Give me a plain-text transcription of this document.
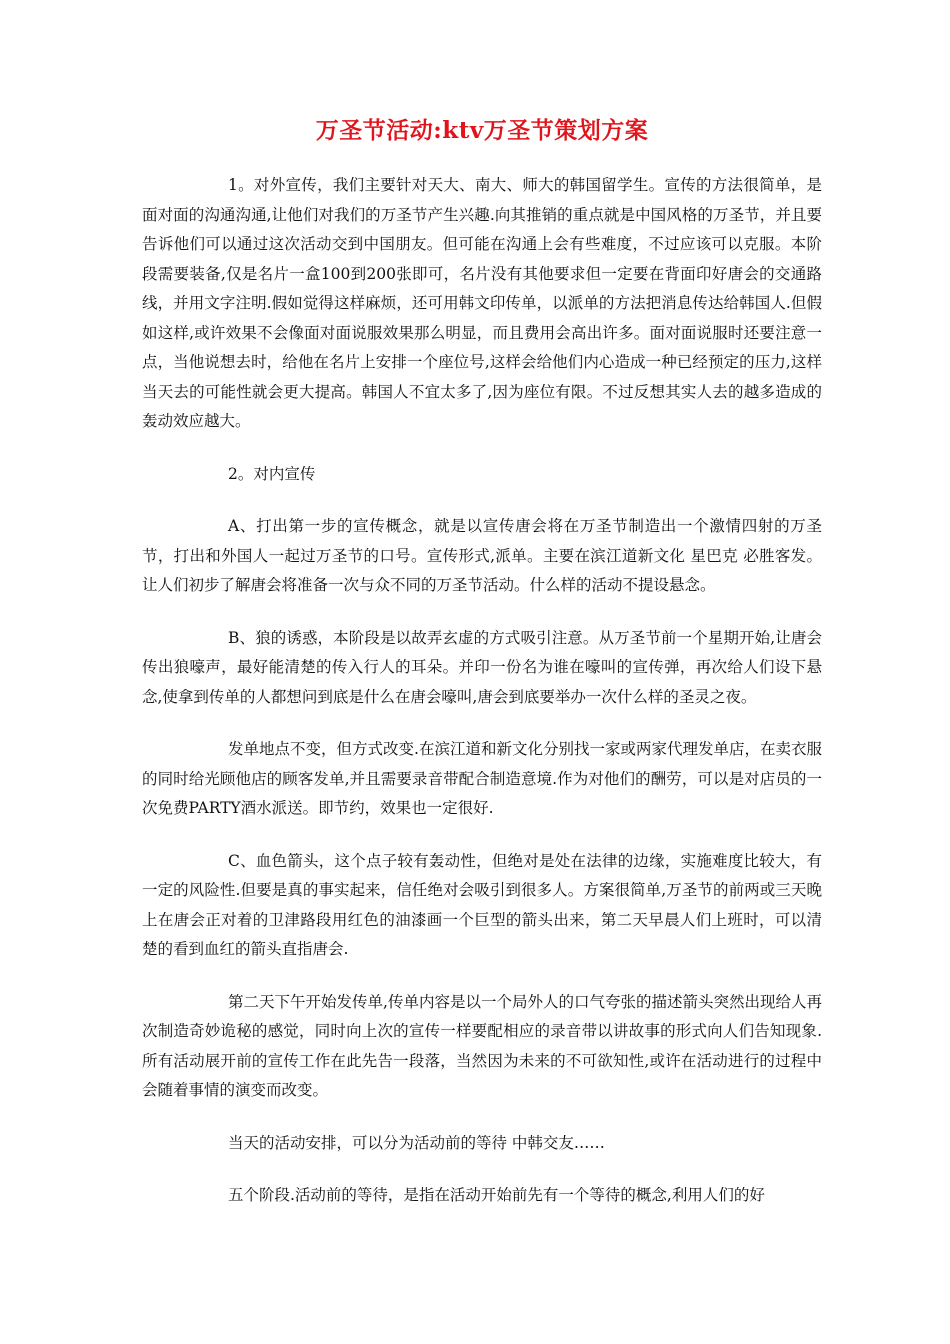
万圣节活动:ktv万圣节策划方案

1。对外宣传，我们主要针对天大、南大、师大的韩国留学生。宣传的方法很简单，是面对面的沟通沟通,让他们对我们的万圣节产生兴趣.向其推销的重点就是中国风格的万圣节，并且要告诉他们可以通过这次活动交到中国朋友。但可能在沟通上会有些难度，不过应该可以克服。本阶段需要装备,仅是名片一盒100到200张即可，名片没有其他要求但一定要在背面印好唐会的交通路线，并用文字注明.假如觉得这样麻烦，还可用韩文印传单，以派单的方法把消息传达给韩国人.但假如这样,或许效果不会像面对面说服效果那么明显，而且费用会高出许多。面对面说服时还要注意一点，当他说想去时，给他在名片上安排一个座位号,这样会给他们内心造成一种已经预定的压力,这样当天去的可能性就会更大提高。韩国人不宜太多了,因为座位有限。不过反想其实人去的越多造成的轰动效应越大。

2。对内宣传

A、打出第一步的宣传概念，就是以宣传唐会将在万圣节制造出一个激情四射的万圣节，打出和外国人一起过万圣节的口号。宣传形式,派单。主要在滨江道新文化 星巴克 必胜客发。让人们初步了解唐会将准备一次与众不同的万圣节活动。什么样的活动不提设悬念。

B、狼的诱惑，本阶段是以故弄玄虚的方式吸引注意。从万圣节前一个星期开始,让唐会传出狼嚎声，最好能清楚的传入行人的耳朵。并印一份名为谁在嚎叫的宣传弹，再次给人们设下悬念,使拿到传单的人都想问到底是什么在唐会嚎叫,唐会到底要举办一次什么样的圣灵之夜。

发单地点不变，但方式改变.在滨江道和新文化分别找一家或两家代理发单店，在卖衣服的同时给光顾他店的顾客发单,并且需要录音带配合制造意境.作为对他们的酬劳，可以是对店员的一次免费PARTY酒水派送。即节约，效果也一定很好.

C、血色箭头，这个点子较有轰动性，但绝对是处在法律的边缘，实施难度比较大，有一定的风险性.但要是真的事实起来，信任绝对会吸引到很多人。方案很简单,万圣节的前两或三天晚上在唐会正对着的卫津路段用红色的油漆画一个巨型的箭头出来，第二天早晨人们上班时，可以清楚的看到血红的箭头直指唐会.

第二天下午开始发传单,传单内容是以一个局外人的口气夸张的描述箭头突然出现给人再次制造奇妙诡秘的感觉，同时向上次的宣传一样要配相应的录音带以讲故事的形式向人们告知现象.所有活动展开前的宣传工作在此先告一段落，当然因为未来的不可欲知性,或许在活动进行的过程中会随着事情的演变而改变。

当天的活动安排，可以分为活动前的等待 中韩交友……

五个阶段.活动前的等待，是指在活动开始前先有一个等待的概念,利用人们的好
